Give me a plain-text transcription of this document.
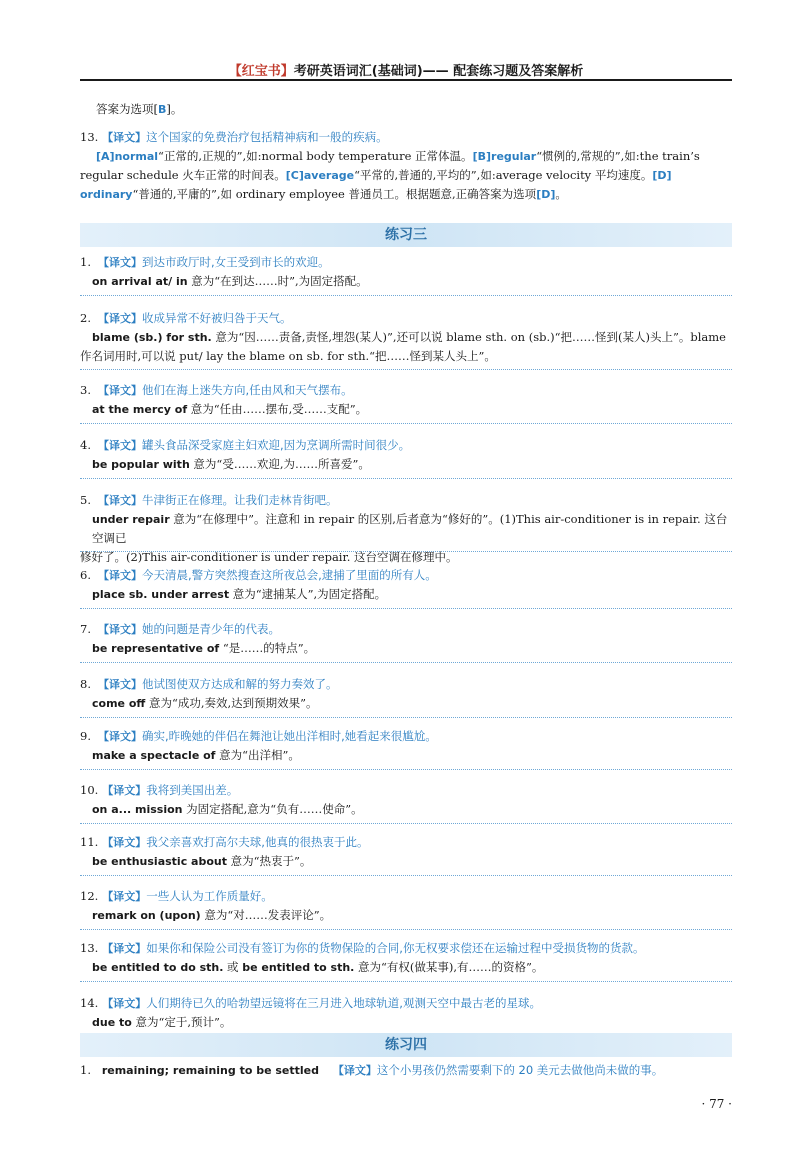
【红宝书】考研英语词汇(基础词)—— 配套练习题及答案解析
答案为选项[B]。
13. 【译文】这个国家的免费治疗包括精神病和一般的疾病。
[A]normal“正常的,正规的”,如:normal body temperature 正常体温。[B]regular“惯例的,常规的”,如:the train’s
regular schedule 火车正常的时间表。[C]average“平常的,普通的,平均的”,如:average velocity 平均速度。[D]
ordinary“普通的,平庸的”,如 ordinary employee 普通员工。根据题意,正确答案为选项[D]。
练习三
1. 【译文】到达市政厅时,女王受到市长的欢迎。
on arrival at/ in 意为“在到达……时”,为固定搭配。
2. 【译文】收成异常不好被归咎于天气。
blame (sb.) for sth. 意为“因……责备,责怪,埋怨(某人)”,还可以说 blame sth. on (sb.)“把……怪到(某人)头上”。blame
作名词用时,可以说 put/ lay the blame on sb. for sth.“把……怪到某人头上”。
3. 【译文】他们在海上迷失方向,任由风和天气摆布。
at the mercy of 意为“任由……摆布,受……支配”。
4. 【译文】罐头食品深受家庭主妇欢迎,因为烹调所需时间很少。
be popular with 意为“受……欢迎,为……所喜爱”。
5. 【译文】牛津街正在修理。让我们走林肯街吧。
under repair 意为“在修理中”。注意和 in repair 的区别,后者意为“修好的”。(1)This air-conditioner is in repair. 这台空调已
修好了。(2)This air-conditioner is under repair. 这台空调在修理中。
6. 【译文】今天清晨,警方突然搜查这所夜总会,逮捕了里面的所有人。
place sb. under arrest 意为“逮捕某人”,为固定搭配。
7. 【译文】她的问题是青少年的代表。
be representative of “是……的特点”。
8. 【译文】他试图使双方达成和解的努力奏效了。
come off 意为“成功,奏效,达到预期效果”。
9. 【译文】确实,昨晚她的伴侣在舞池让她出洋相时,她看起来很尴尬。
make a spectacle of 意为“出洋相”。
10. 【译文】我将到美国出差。
on a... mission 为固定搭配,意为“负有……使命”。
11. 【译文】我父亲喜欢打高尔夫球,他真的很热衷于此。
be enthusiastic about 意为“热衷于”。
12. 【译文】一些人认为工作质量好。
remark on (upon) 意为“对……发表评论”。
13. 【译文】如果你和保险公司没有签订为你的货物保险的合同,你无权要求偿还在运输过程中受损货物的货款。
be entitled to do sth. 或 be entitled to sth. 意为“有权(做某事),有……的资格”。
14. 【译文】人们期待已久的哈勃望远镜将在三月进入地球轨道,观测天空中最古老的星球。
due to 意为“定于,预计”。
练习四
1. remaining; remaining to be settled 【译文】这个小男孩仍然需要剩下的 20 美元去做他尚未做的事。
· 77 ·
